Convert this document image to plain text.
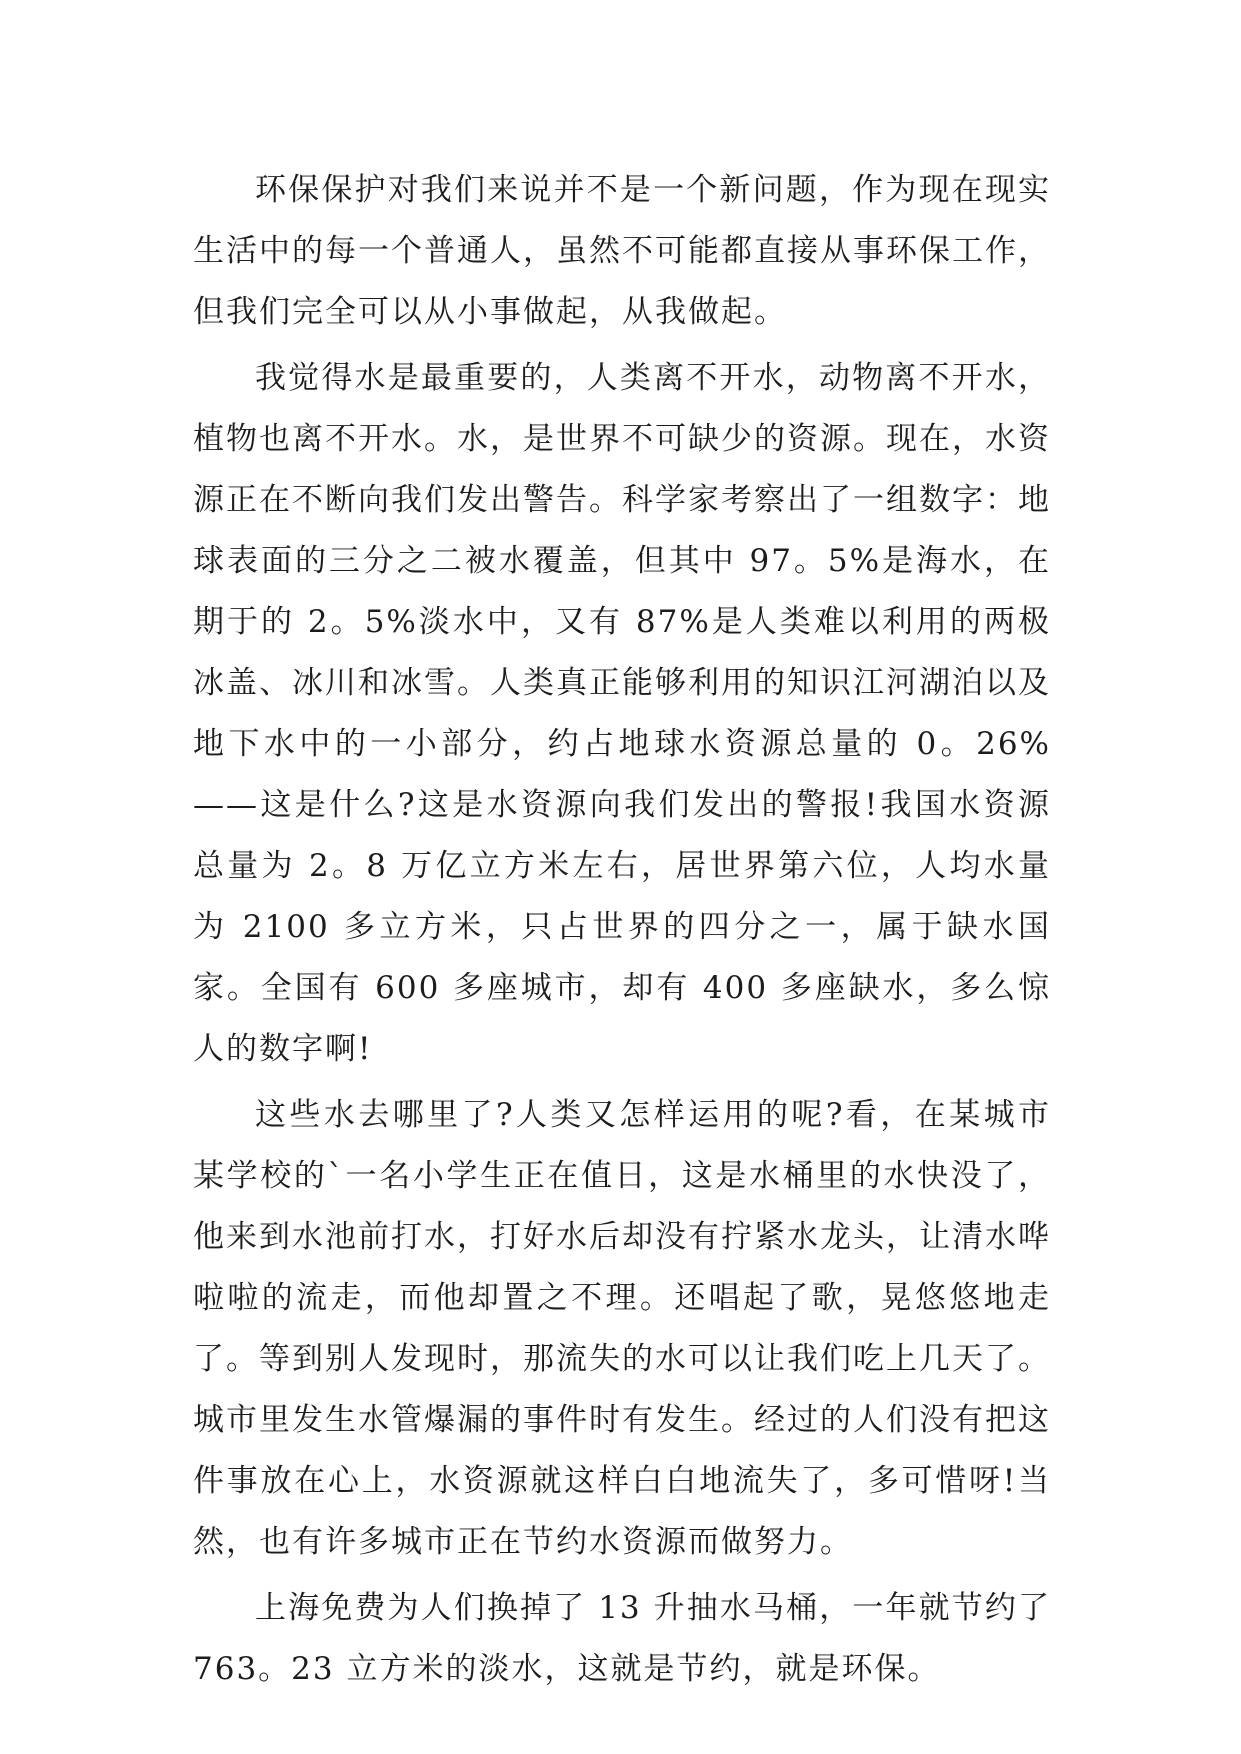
环保保护对我们来说并不是一个新问题，作为现在现实生活中的每一个普通人，虽然不可能都直接从事环保工作，但我们完全可以从小事做起，从我做起。

我觉得水是最重要的，人类离不开水，动物离不开水，植物也离不开水。水，是世界不可缺少的资源。现在，水资源正在不断向我们发出警告。科学家考察出了一组数字：地球表面的三分之二被水覆盖，但其中 97。5%是海水，在期于的 2。5%淡水中，又有 87%是人类难以利用的两极冰盖、冰川和冰雪。人类真正能够利用的知识江河湖泊以及地下水中的一小部分，约占地球水资源总量的 0。26%——这是什么?这是水资源向我们发出的警报!我国水资源总量为 2。8 万亿立方米左右，居世界第六位，人均水量为 2100 多立方米，只占世界的四分之一，属于缺水国家。全国有 600 多座城市，却有 400 多座缺水，多么惊人的数字啊!

这些水去哪里了?人类又怎样运用的呢?看，在某城市某学校的`一名小学生正在值日，这是水桶里的水快没了，他来到水池前打水，打好水后却没有拧紧水龙头，让清水哗啦啦的流走，而他却置之不理。还唱起了歌，晃悠悠地走了。等到别人发现时，那流失的水可以让我们吃上几天了。城市里发生水管爆漏的事件时有发生。经过的人们没有把这件事放在心上，水资源就这样白白地流失了，多可惜呀!当然，也有许多城市正在节约水资源而做努力。

上海免费为人们换掉了 13 升抽水马桶，一年就节约了 763。23 立方米的淡水，这就是节约，就是环保。
